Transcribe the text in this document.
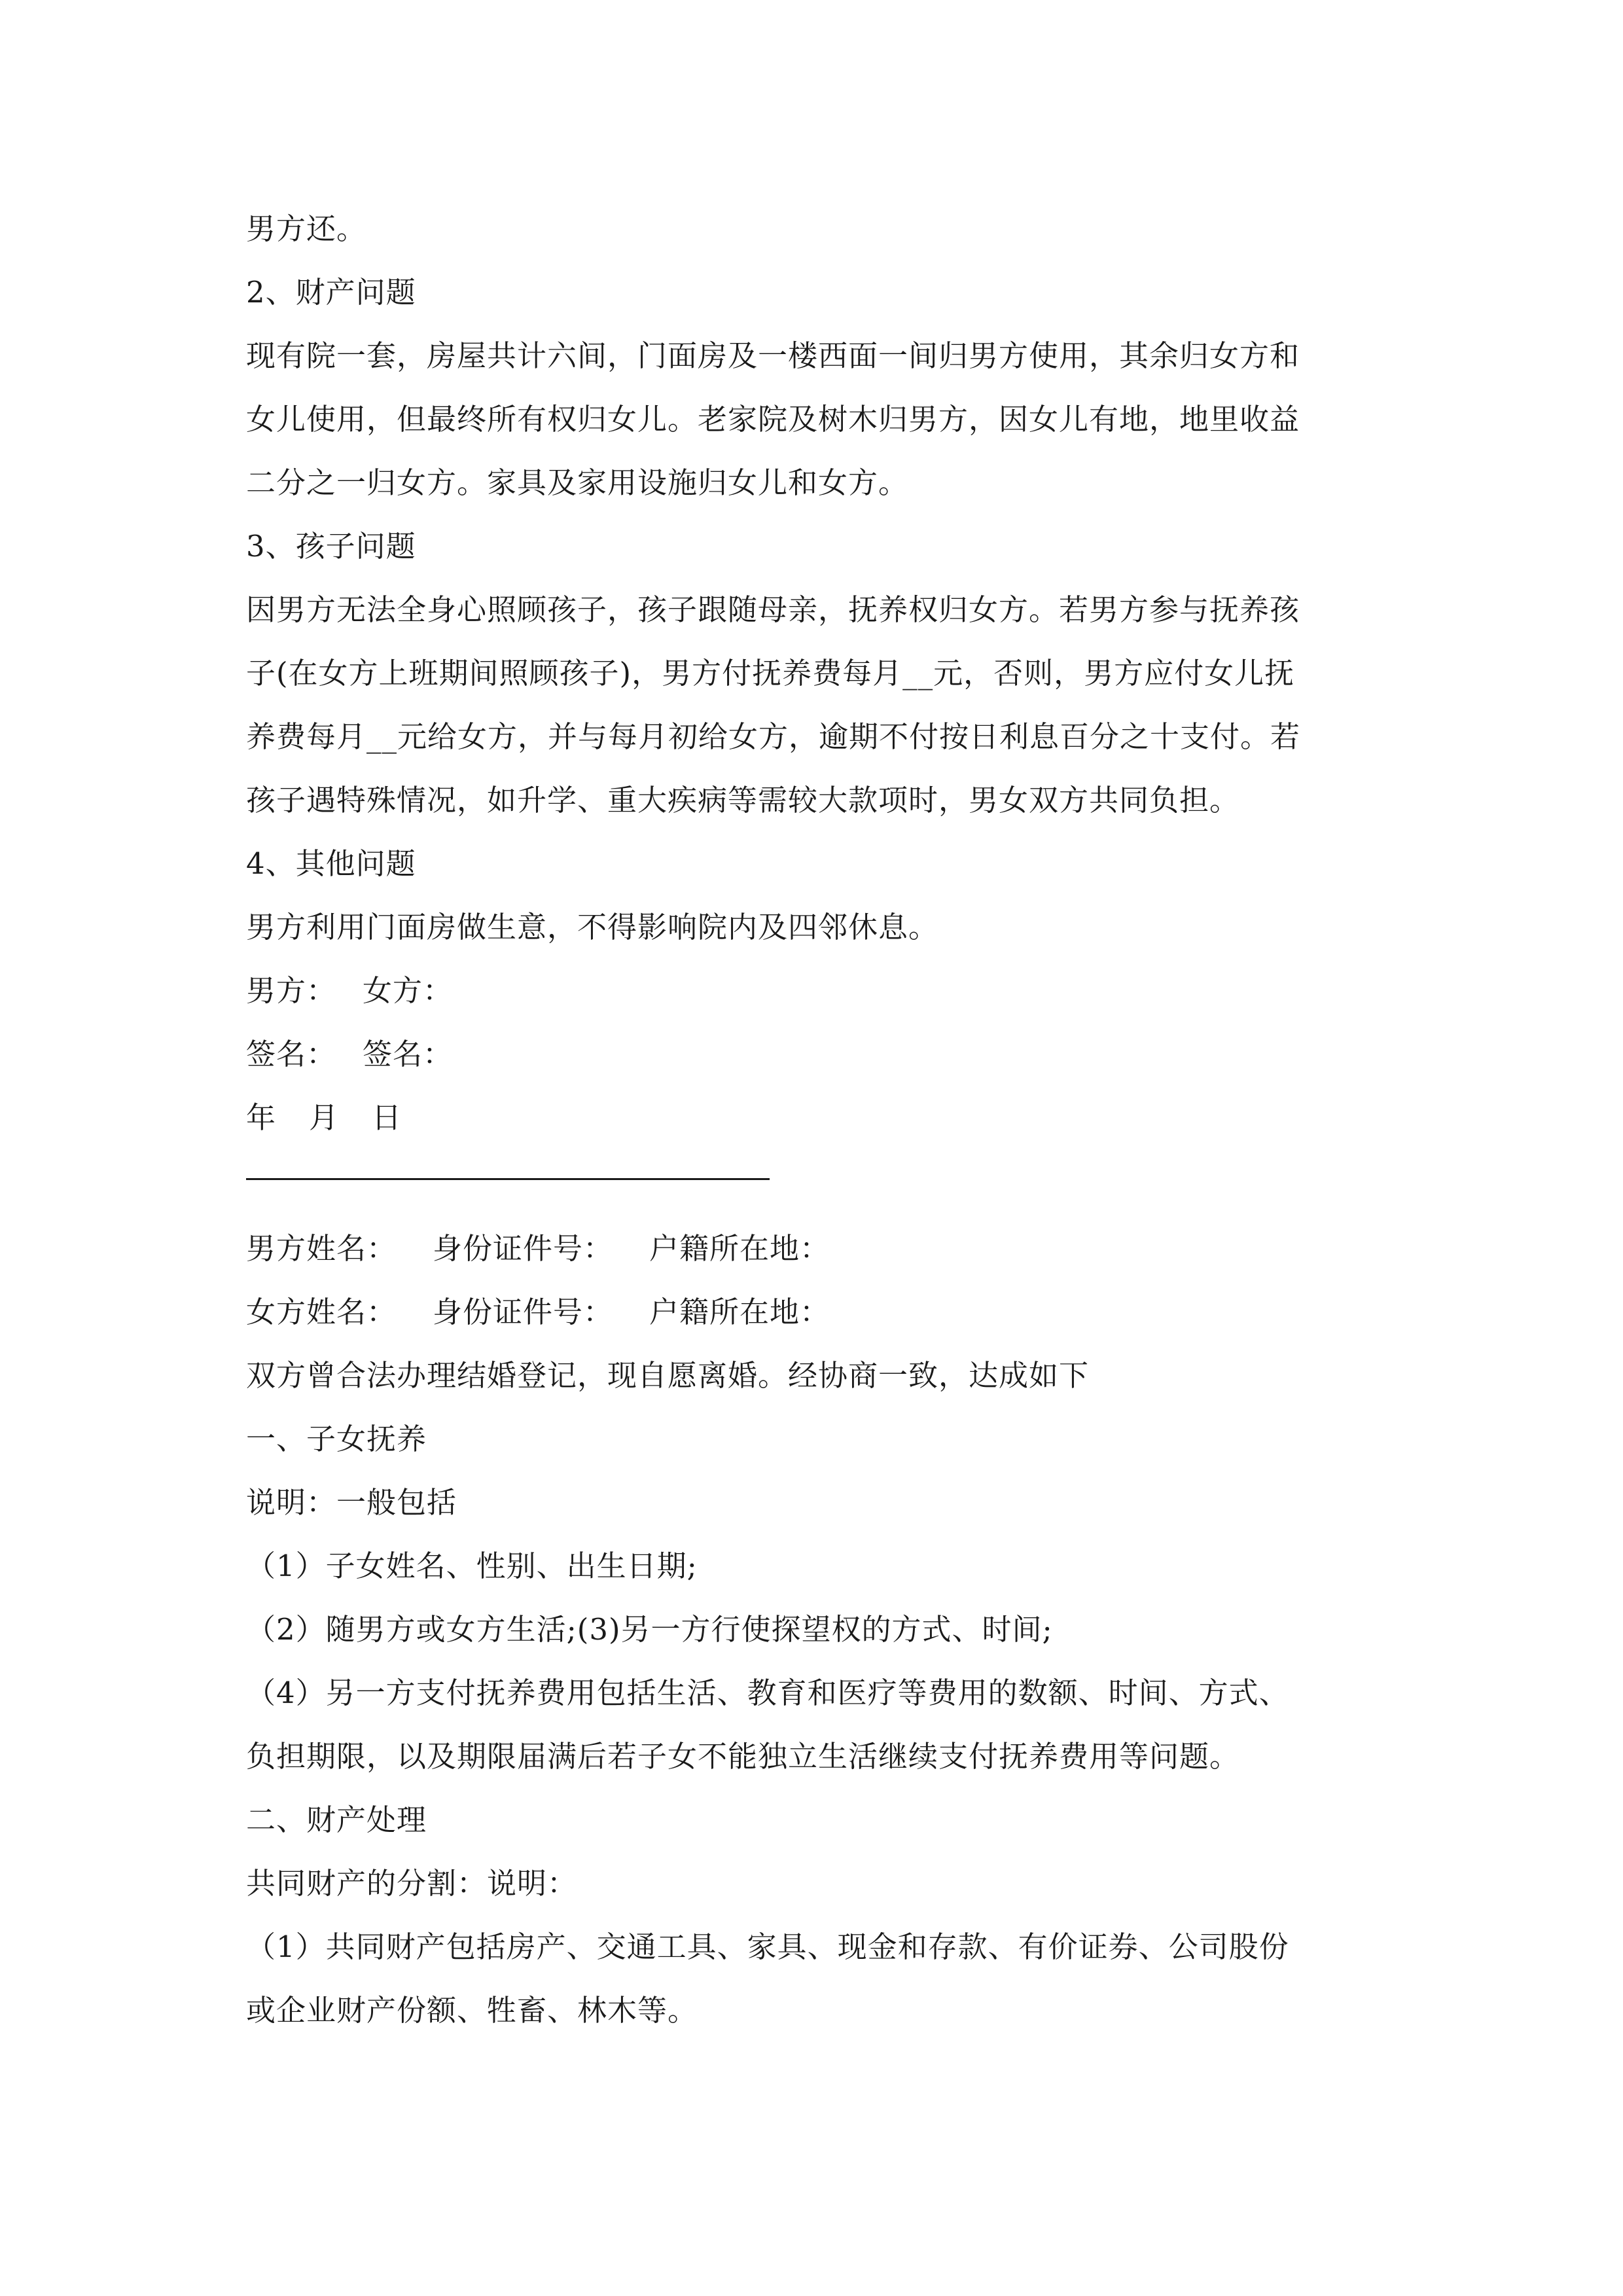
男方还。
2、财产问题
现有院一套，房屋共计六间，门面房及一楼西面一间归男方使用，其余归女方和
女儿使用，但最终所有权归女儿。老家院及树木归男方，因女儿有地，地里收益
二分之一归女方。家具及家用设施归女儿和女方。
3、孩子问题
因男方无法全身心照顾孩子，孩子跟随母亲，抚养权归女方。若男方参与抚养孩
子(在女方上班期间照顾孩子)，男方付抚养费每月__元，否则，男方应付女儿抚
养费每月__元给女方，并与每月初给女方，逾期不付按日利息百分之十支付。若
孩子遇特殊情况，如升学、重大疾病等需较大款项时，男女双方共同负担。
4、其他问题
男方利用门面房做生意，不得影响院内及四邻休息。
男方： 女方：
签名： 签名：
年 月 日
男方姓名： 身份证件号： 户籍所在地：
女方姓名： 身份证件号： 户籍所在地：
双方曾合法办理结婚登记，现自愿离婚。经协商一致，达成如下
一、子女抚养
说明：一般包括
（1）子女姓名、性别、出生日期;
（2）随男方或女方生活;(3)另一方行使探望权的方式、时间;
（4）另一方支付抚养费用包括生活、教育和医疗等费用的数额、时间、方式、
负担期限，以及期限届满后若子女不能独立生活继续支付抚养费用等问题。
二、财产处理
共同财产的分割：说明：
（1）共同财产包括房产、交通工具、家具、现金和存款、有价证券、公司股份
或企业财产份额、牲畜、林木等。
